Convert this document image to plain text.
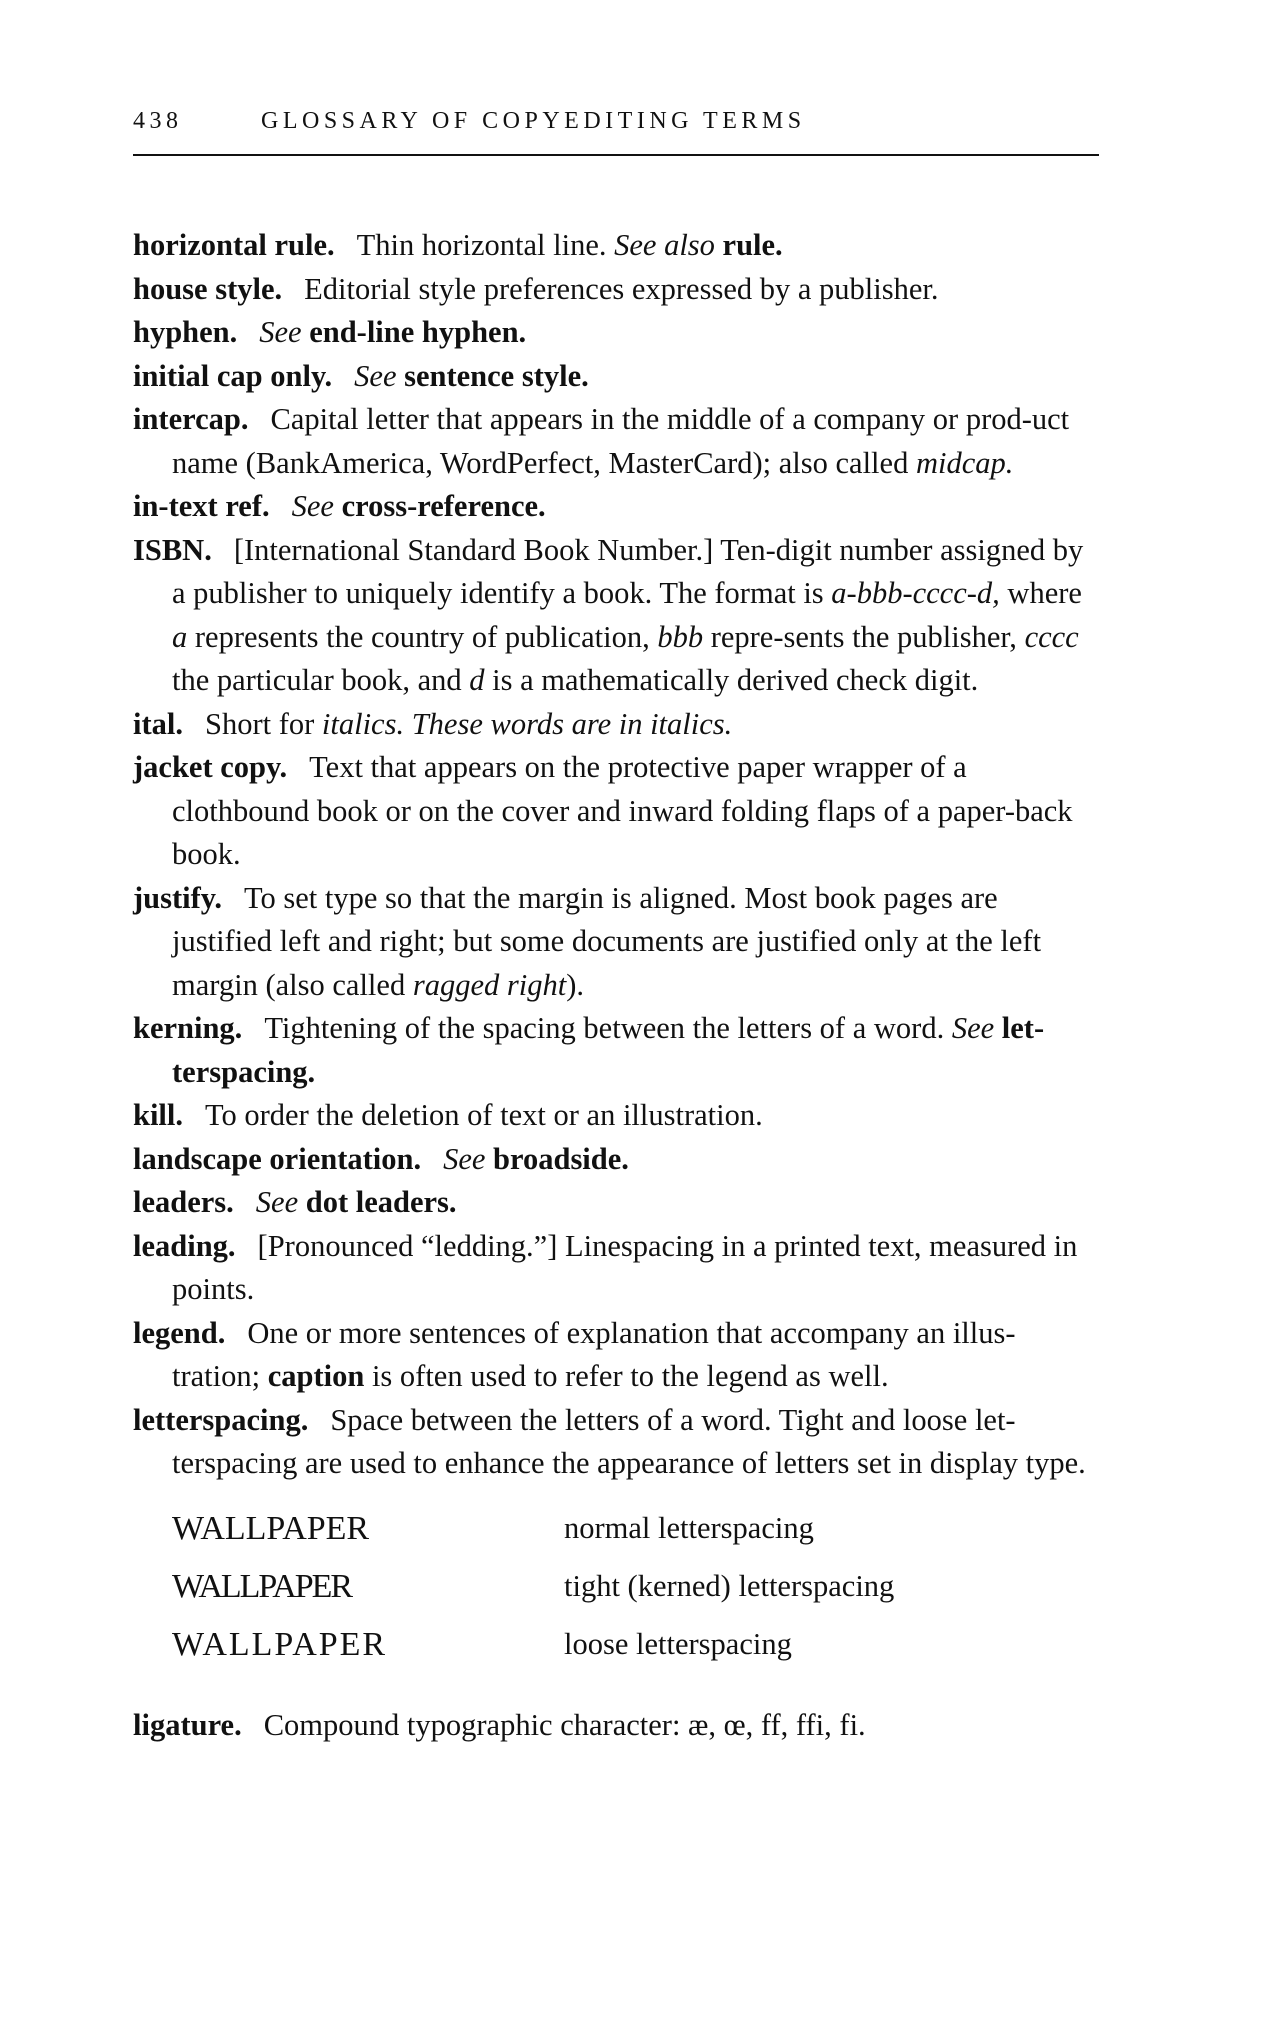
438	GLOSSARY OF COPYEDITING TERMS

horizontal rule. Thin horizontal line. See also rule.

house style. Editorial style preferences expressed by a publisher.

hyphen. See end-line hyphen.

initial cap only. See sentence style.

intercap. Capital letter that appears in the middle of a company or prod-uct name (BankAmerica, WordPerfect, MasterCard); also called midcap.

in-text ref. See cross-reference.

ISBN. [International Standard Book Number.] Ten-digit number assigned by a publisher to uniquely identify a book. The format is a-bbb-cccc-d, where a represents the country of publication, bbb repre-sents the publisher, cccc the particular book, and d is a mathematically derived check digit.

ital. Short for italics. These words are in italics.

jacket copy. Text that appears on the protective paper wrapper of a clothbound book or on the cover and inward folding flaps of a paper-back book.

justify. To set type so that the margin is aligned. Most book pages are justified left and right; but some documents are justified only at the left margin (also called ragged right).

kerning. Tightening of the spacing between the letters of a word. See let-terspacing.

kill. To order the deletion of text or an illustration.

landscape orientation. See broadside.

leaders. See dot leaders.

leading. [Pronounced “ledding.”] Linespacing in a printed text, measured in points.

legend. One or more sentences of explanation that accompany an illus-tration; caption is often used to refer to the legend as well.

letterspacing. Space between the letters of a word. Tight and loose let-terspacing are used to enhance the appearance of letters set in display type.

WALLPAPER	normal letterspacing
WALLPAPER	tight (kerned) letterspacing
WALLPAPER	loose letterspacing

ligature. Compound typographic character: æ, œ, ff, ffi, fi.
